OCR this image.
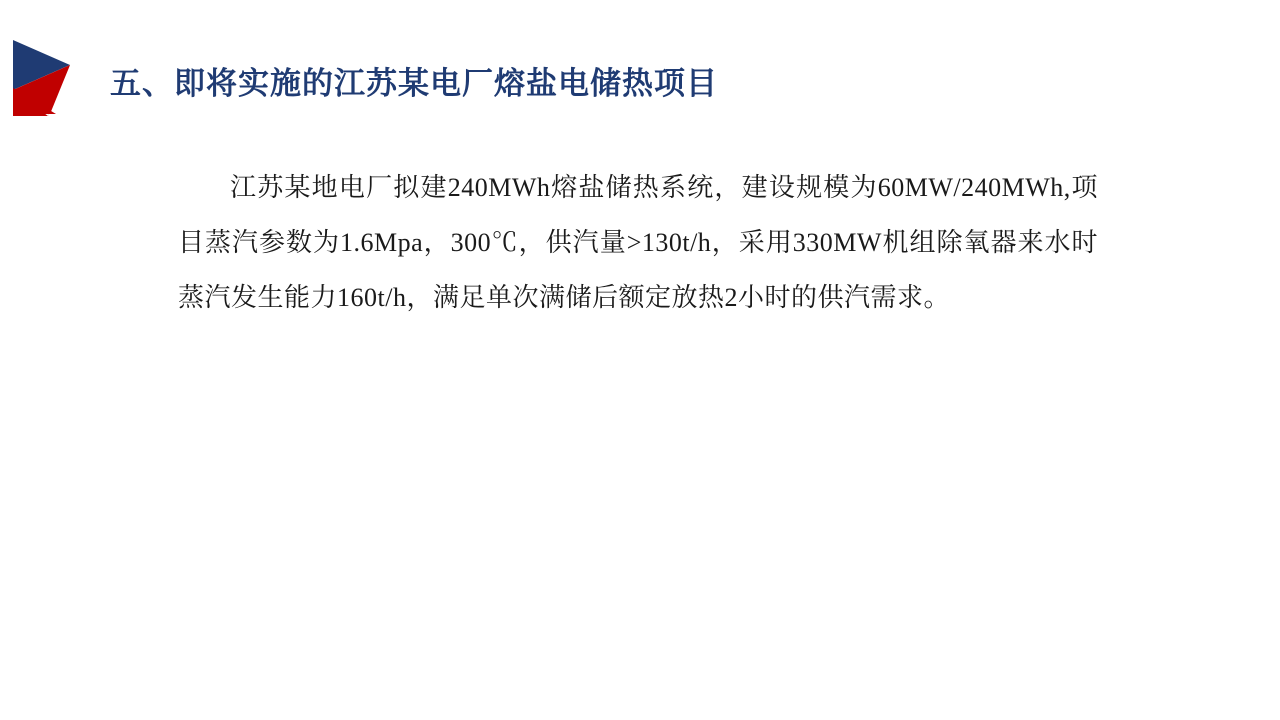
五、即将实施的江苏某电厂熔盐电储热项目

江苏某地电厂拟建240MWh熔盐储热系统，建设规模为60MW/240MWh,项目蒸汽参数为1.6Mpa，300℃，供汽量>130t/h，采用330MW机组除氧器来水时蒸汽发生能力160t/h，满足单次满储后额定放热2小时的供汽需求。
